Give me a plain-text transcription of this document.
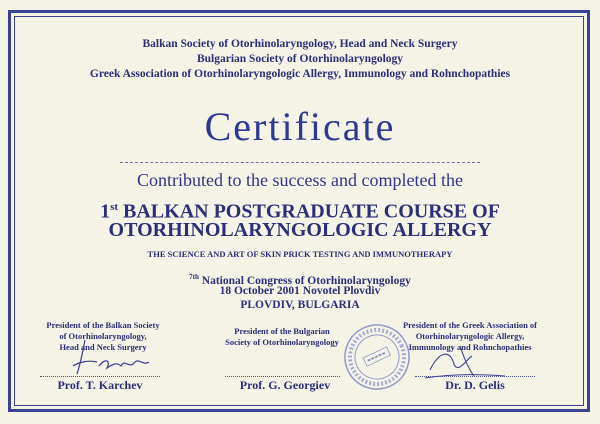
Balkan Society of Otorhinolaryngology, Head and Neck Surgery
Bulgarian Society of Otorhinolaryngology
Greek Association of Otorhinolaryngologic Allergy, Immunology and Rohnchopathies
Certificate
Contributed to the success and completed the
1st BALKAN POSTGRADUATE COURSE OF
OTORHINOLARYNGOLOGIC ALLERGY
THE SCIENCE AND ART OF SKIN PRICK TESTING AND IMMUNOTHERAPY
$^{7th}$ National Congress of Otorhinolaryngology
18 October 2001 Novotel Plovdiv
PLOVDIV, BULGARIA
President of the Balkan Society
of Otorhinolaryngology,
Head and Neck Surgery
Prof. T. Karchev
President of the Bulgarian
Society of Otorhinolaryngology
Prof. G. Georgiev
President of the Greek Association of
Otorhinolaryngologic Allergy,
Immunology and Rohnchopathies
Dr. D. Gelis
